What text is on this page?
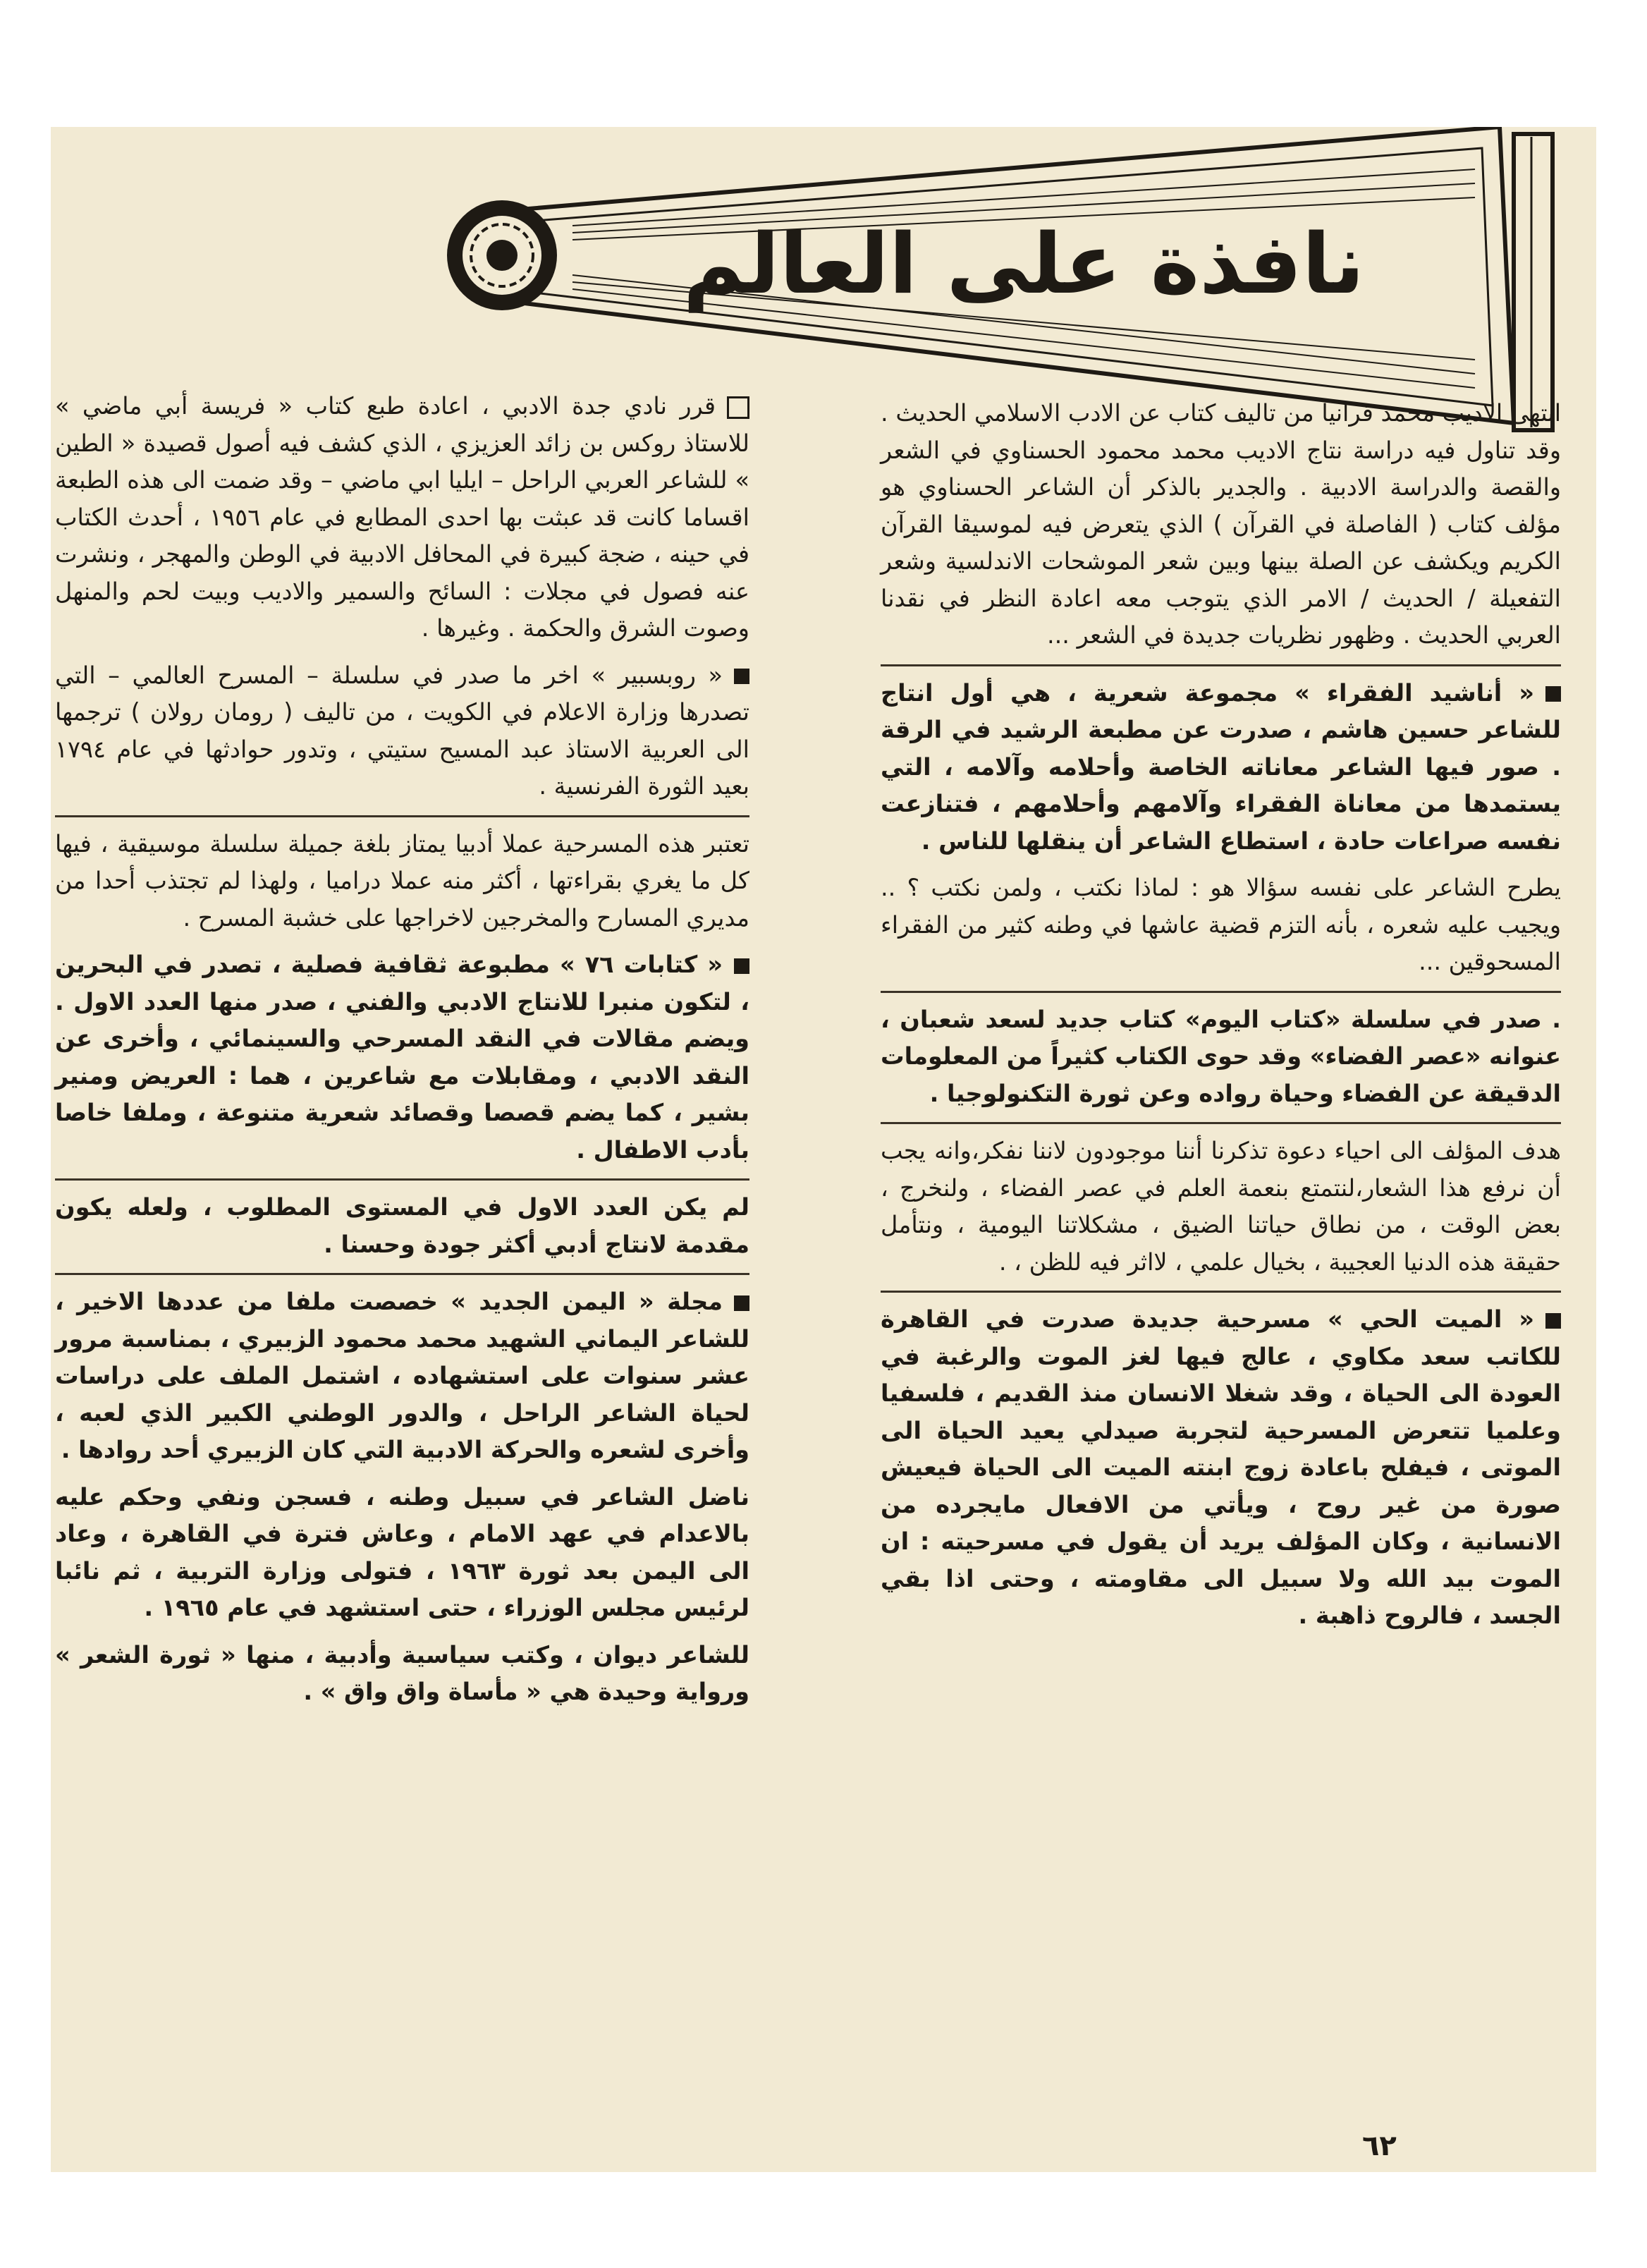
نافذة على العالم

انتهى الاديب محمد قرانيا من تاليف كتاب عن الادب الاسلامي الحديث . وقد تناول فيه دراسة نتاج الاديب محمد محمود الحسناوي في الشعر والقصة والدراسة الادبية . والجدير بالذكر أن الشاعر الحسناوي هو مؤلف كتاب ( الفاصلة في القرآن ) الذي يتعرض فيه لموسيقا القرآن الكريم ويكشف عن الصلة بينها وبين شعر الموشحات الاندلسية وشعر التفعيلة / الحديث / الامر الذي يتوجب معه اعادة النظر في نقدنا العربي الحديث . وظهور نظريات جديدة في الشعر ...

« أناشيد الفقراء » مجموعة شعرية ، هي أول انتاج للشاعر حسين هاشم ، صدرت عن مطبعة الرشيد في الرقة . صور فيها الشاعر معاناته الخاصة وأحلامه وآلامه ، التي يستمدها من معاناة الفقراء وآلامهم وأحلامهم ، فتنازعت نفسه صراعات حادة ، استطاع الشاعر أن ينقلها للناس .

يطرح الشاعر على نفسه سؤالا هو : لماذا نكتب ، ولمن نكتب ؟ .. ويجيب عليه شعره ، بأنه التزم قضية عاشها في وطنه كثير من الفقراء المسحوقين ...

. صدر في سلسلة «كتاب اليوم» كتاب جديد لسعد شعبان ، عنوانه «عصر الفضاء» وقد حوى الكتاب كثيراً من المعلومات الدقيقة عن الفضاء وحياة رواده وعن ثورة التكنولوجيا .

هدف المؤلف الى احياء دعوة تذكرنا أننا موجودون لاننا نفكر،وانه يجب أن نرفع هذا الشعار،لنتمتع بنعمة العلم في عصر الفضاء ، ولنخرج ، بعض الوقت ، من نطاق حياتنا الضيق ، مشكلاتنا اليومية ، ونتأمل حقيقة هذه الدنيا العجيبة ، بخيال علمي ، لااثر فيه للظن ، .

« الميت الحي » مسرحية جديدة صدرت في القاهرة للكاتب سعد مكاوي ، عالج فيها لغز الموت والرغبة في العودة الى الحياة ، وقد شغلا الانسان منذ القديم ، فلسفيا وعلميا تتعرض المسرحية لتجربة صيدلي يعيد الحياة الى الموتى ، فيفلح باعادة زوج ابنته الميت الى الحياة فيعيش صورة من غير روح ، ويأتي من الافعال مايجرده من الانسانية ، وكان المؤلف يريد أن يقول في مسرحيته : ان الموت بيد الله ولا سبيل الى مقاومته ، وحتى اذا بقي الجسد ، فالروح ذاهبة .

قرر نادي جدة الادبي ، اعادة طبع كتاب « فريسة أبي ماضي » للاستاذ روكس بن زائد العزيزي ، الذي كشف فيه أصول قصيدة « الطين » للشاعر العربي الراحل – ايليا ابي ماضي – وقد ضمت الى هذه الطبعة اقساما كانت قد عبثت بها احدى المطابع في عام ١٩٥٦ ، أحدث الكتاب في حينه ، ضجة كبيرة في المحافل الادبية في الوطن والمهجر ، ونشرت عنه فصول في مجلات : السائح والسمير والاديب وبيت لحم والمنهل وصوت الشرق والحكمة . وغيرها .

« روبسبير » اخر ما صدر في سلسلة – المسرح العالمي – التي تصدرها وزارة الاعلام في الكويت ، من تاليف ( رومان رولان ) ترجمها الى العربية الاستاذ عبد المسيح ستيتي ، وتدور حوادثها في عام ١٧٩٤ بعيد الثورة الفرنسية .

تعتبر هذه المسرحية عملا أدبيا يمتاز بلغة جميلة سلسلة موسيقية ، فيها كل ما يغري بقراءتها ، أكثر منه عملا دراميا ، ولهذا لم تجتذب أحدا من مديري المسارح والمخرجين لاخراجها على خشبة المسرح .

« كتابات ٧٦ » مطبوعة ثقافية فصلية ، تصدر في البحرين ، لتكون منبرا للانتاج الادبي والفني ، صدر منها العدد الاول . ويضم مقالات في النقد المسرحي والسينمائي ، وأخرى عن النقد الادبي ، ومقابلات مع شاعرين ، هما : العريض ومنير بشير ، كما يضم قصصا وقصائد شعرية متنوعة ، وملفا خاصا بأدب الاطفال .

لم يكن العدد الاول في المستوى المطلوب ، ولعله يكون مقدمة لانتاج أدبي أكثر جودة وحسنا .

مجلة « اليمن الجديد » خصصت ملفا من عددها الاخير ، للشاعر اليماني الشهيد محمد محمود الزبيري ، بمناسبة مرور عشر سنوات على استشهاده ، اشتمل الملف على دراسات لحياة الشاعر الراحل ، والدور الوطني الكبير الذي لعبه ، وأخرى لشعره والحركة الادبية التي كان الزبيري أحد روادها .

ناضل الشاعر في سبيل وطنه ، فسجن ونفي وحكم عليه بالاعدام في عهد الامام ، وعاش فترة في القاهرة ، وعاد الى اليمن بعد ثورة ١٩٦٣ ، فتولى وزارة التربية ، ثم نائبا لرئيس مجلس الوزراء ، حتى استشهد في عام ١٩٦٥ .

للشاعر ديوان ، وكتب سياسية وأدبية ، منها « ثورة الشعر » ورواية وحيدة هي « مأساة واق واق » .

٦٢
